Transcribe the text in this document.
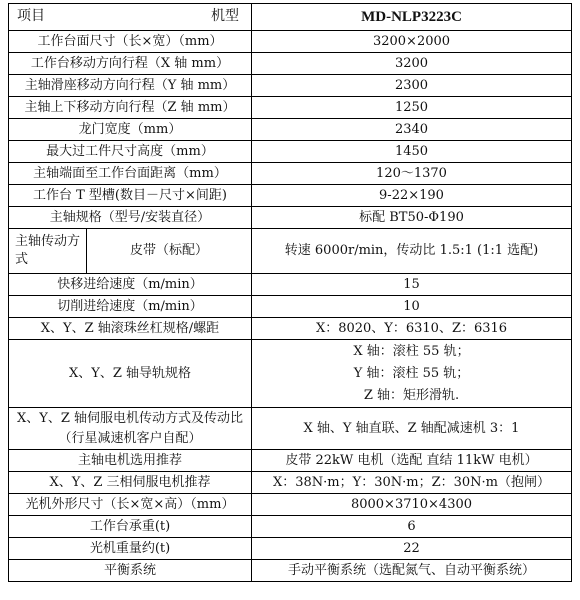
项目 机型		MD-NLP3223C
工作台面尺寸（长×宽）（mm）		3200×2000
工作台移动方向行程（X 轴 mm）		3200
主轴滑座移动方向行程（Y 轴 mm）		2300
主轴上下移动方向行程（Z 轴 mm）		1250
龙门宽度（mm）		2340
最大过工件尺寸高度（mm）		1450
主轴端面至工作台面距离（mm）		120～1370
工作台 T 型槽(数目－尺寸×间距)		9-22×190
主轴规格（型号/安装直径）		标配 BT50-Φ190
主轴传动方式	皮带（标配）	转速 6000r/min，传动比 1.5:1 (1:1 选配)
快移进给速度（m/min）		15
切削进给速度（m/min）		10
X、Y、Z 轴滚珠丝杠规格/螺距		X：8020、Y：6310、Z：6316
X、Y、Z 轴导轨规格		X 轴：滚柱 55 轨；
Y 轴：滚柱 55 轨；
Z 轴：矩形滑轨.

X、Y、Z 轴伺服电机传动方式及传动比（行星减速机客户自配）		X 轴、Y 轴直联、Z 轴配减速机 3：1
主轴电机选用推荐		皮带 22kW 电机（选配 直结 11kW 电机）
X、Y、Z 三相伺服电机推荐		X：38N·m；Y：30N·m；Z：30N·m（抱闸）
光机外形尺寸（长×宽×高）（mm）		8000×3710×4300
工作台承重(t)		6
光机重量约(t)		22
平衡系统		手动平衡系统（选配氮气、自动平衡系统）
